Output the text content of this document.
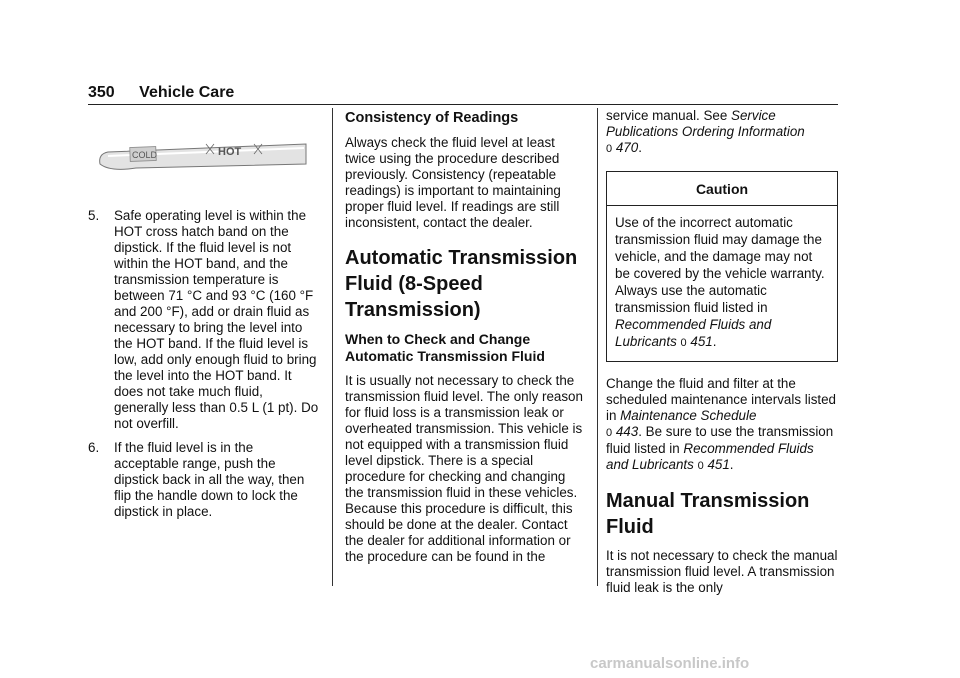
350 Vehicle Care
COLD	HOT
5. Safe operating level is within the HOT cross hatch band on the dipstick. If the fluid level is not within the HOT band, and the transmission temperature is between 71 °C and 93 °C (160 °F and 200 °F), add or drain fluid as necessary to bring the level into the HOT band. If the fluid level is low, add only enough fluid to bring the level into the HOT band. It does not take much fluid, generally less than 0.5 L (1 pt). Do not overfill.
6. If the fluid level is in the acceptable range, push the dipstick back in all the way, then flip the handle down to lock the dipstick in place.
Consistency of Readings

Always check the fluid level at least twice using the procedure described previously. Consistency (repeatable readings) is important to maintaining proper fluid level. If readings are still inconsistent, contact the dealer.

Automatic Transmission Fluid (8-Speed Transmission)
When to Check and Change Automatic Transmission Fluid

It is usually not necessary to check the transmission fluid level. The only reason for fluid loss is a transmission leak or overheated transmission. This vehicle is not equipped with a transmission fluid level dipstick. There is a special procedure for checking and changing the transmission fluid in these vehicles. Because this procedure is difficult, this should be done at the dealer. Contact the dealer for additional information or the procedure can be found in the

service manual. See Service Publications Ordering Information
0 470.

Caution
Use of the incorrect automatic transmission fluid may damage the vehicle, and the damage may not be covered by the vehicle warranty. Always use the automatic transmission fluid listed in Recommended Fluids and Lubricants 0 451.

Change the fluid and filter at the scheduled maintenance intervals listed in Maintenance Schedule
0 443. Be sure to use the transmission fluid listed in Recommended Fluids and Lubricants 0 451.

Manual Transmission Fluid

It is not necessary to check the manual transmission fluid level. A transmission fluid leak is the only

carmanualsonline.info
